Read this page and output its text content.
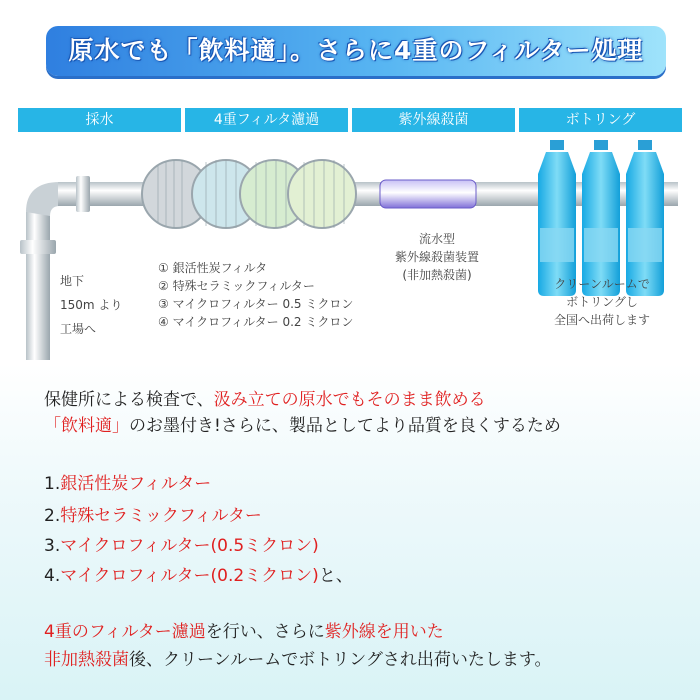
原水でも「飲料適」。さらに4重のフィルター処理
採水	4重フィルタ濾過	紫外線殺菌	ボトリング
地下
150m より
工場へ
① 銀活性炭フィルタ
② 特殊セラミックフィルター
③ マイクロフィルター 0.5 ミクロン
④ マイクロフィルター 0.2 ミクロン
流水型
紫外線殺菌装置
(非加熱殺菌)
クリーンルームで
ボトリングし
全国へ出荷します
保健所による検査で、汲み立ての原水でもそのまま飲める
「飲料適」のお墨付き!さらに、製品としてより品質を良くするため
1.銀活性炭フィルター
2.特殊セラミックフィルター
3.マイクロフィルター(0.5ミクロン)
4.マイクロフィルター(0.2ミクロン)と、
4重のフィルター濾過を行い、さらに紫外線を用いた
非加熱殺菌後、クリーンルームでボトリングされ出荷いたします。
